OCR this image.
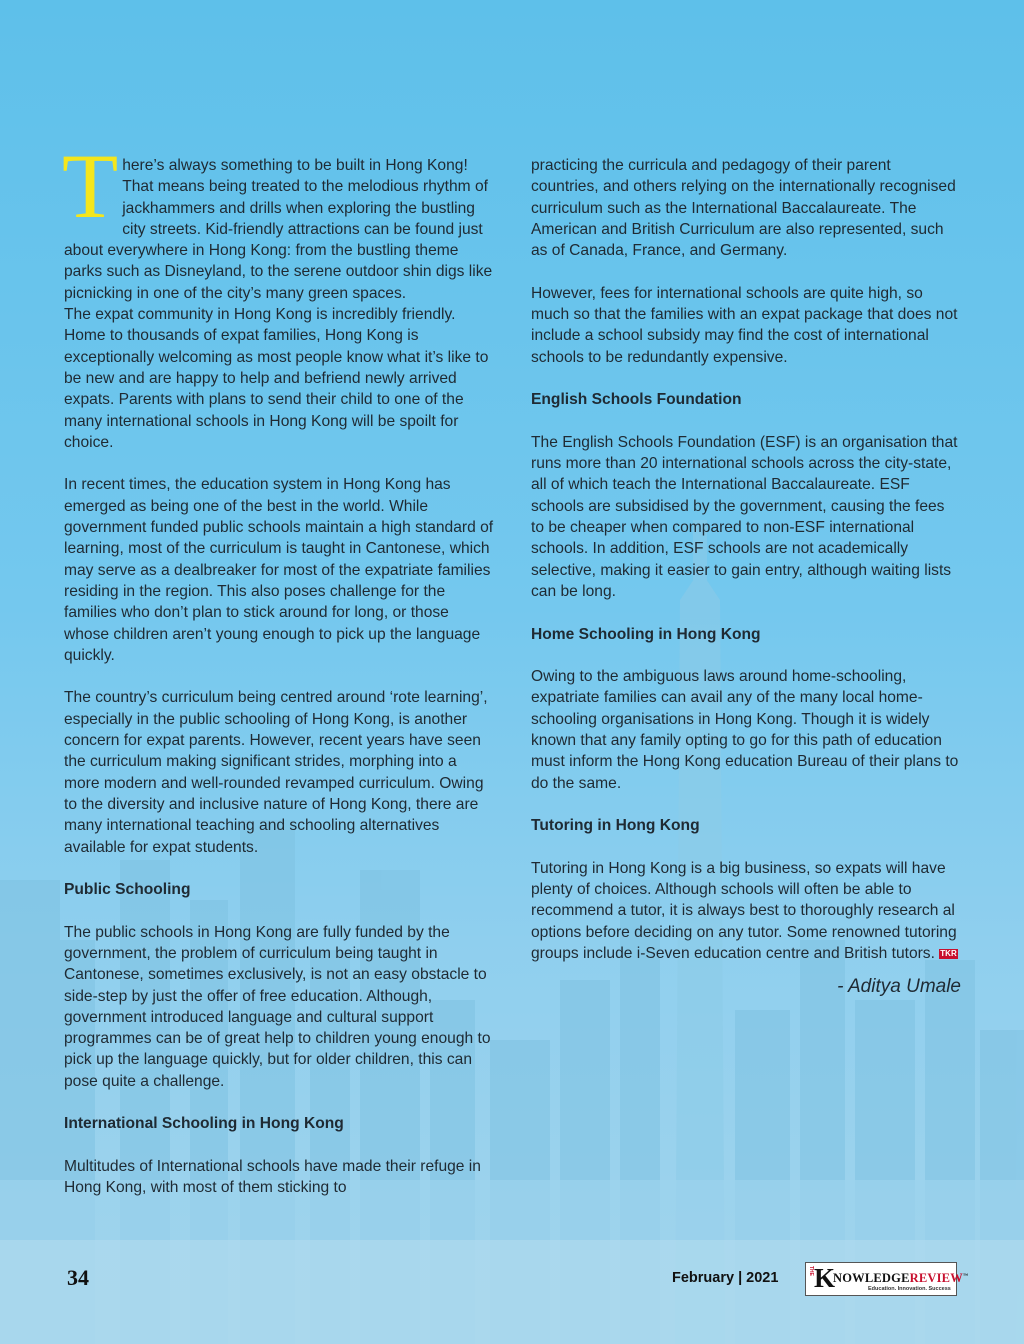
There’s always something to be built in Hong Kong! That means being treated to the melodious rhythm of jackhammers and drills when exploring the bustling city streets. Kid-friendly attractions can be found just about everywhere in Hong Kong: from the bustling theme parks such as Disneyland, to the serene outdoor shin digs like picnicking in one of the city’s many green spaces.
The expat community in Hong Kong is incredibly friendly. Home to thousands of expat families, Hong Kong is exceptionally welcoming as most people know what it’s like to be new and are happy to help and befriend newly arrived expats. Parents with plans to send their child to one of the many international schools in Hong Kong will be spoilt for choice.

In recent times, the education system in Hong Kong has emerged as being one of the best in the world. While government funded public schools maintain a high standard of learning, most of the curriculum is taught in Cantonese, which may serve as a dealbreaker for most of the expatriate families residing in the region. This also poses challenge for the families who don’t plan to stick around for long, or those whose children aren’t young enough to pick up the language quickly.

The country’s curriculum being centred around ‘rote learning’, especially in the public schooling of Hong Kong, is another concern for expat parents. However, recent years have seen the curriculum making significant strides, morphing into a more modern and well-rounded revamped curriculum. Owing to the diversity and inclusive nature of Hong Kong, there are many international teaching and schooling alternatives available for expat students.

Public Schooling

The public schools in Hong Kong are fully funded by the government, the problem of curriculum being taught in Cantonese, sometimes exclusively, is not an easy obstacle to side-step by just the offer of free education. Although, government introduced language and cultural support programmes can be of great help to children young enough to pick up the language quickly, but for older children, this can pose quite a challenge.

International Schooling in Hong Kong

Multitudes of International schools have made their refuge in Hong Kong, with most of them sticking to

practicing the curricula and pedagogy of their parent countries, and others relying on the internationally recognised curriculum such as the International Baccalaureate. The American and British Curriculum are also represented, such as of Canada, France, and Germany.

However, fees for international schools are quite high, so much so that the families with an expat package that does not include a school subsidy may find the cost of international schools to be redundantly expensive.

English Schools Foundation

The English Schools Foundation (ESF) is an organisation that runs more than 20 international schools across the city-state, all of which teach the International Baccalaureate. ESF schools are subsidised by the government, causing the fees to be cheaper when compared to non-ESF international schools. In addition, ESF schools are not academically selective, making it easier to gain entry, although waiting lists can be long.

Home Schooling in Hong Kong

Owing to the ambiguous laws around home-schooling, expatriate families can avail any of the many local home-schooling organisations in Hong Kong. Though it is widely known that any family opting to go for this path of education must inform the Hong Kong education Bureau of their plans to do the same.

Tutoring in Hong Kong

Tutoring in Hong Kong is a big business, so expats will have plenty of choices. Although schools will often be able to recommend a tutor, it is always best to thoroughly research al options before deciding on any tutor. Some renowned tutoring groups include i-Seven education centre and British tutors. TKR

- Aditya Umale
34	February | 2021	THE K
NOWLEDGEREVIEW™
Education. Innovation. Success
